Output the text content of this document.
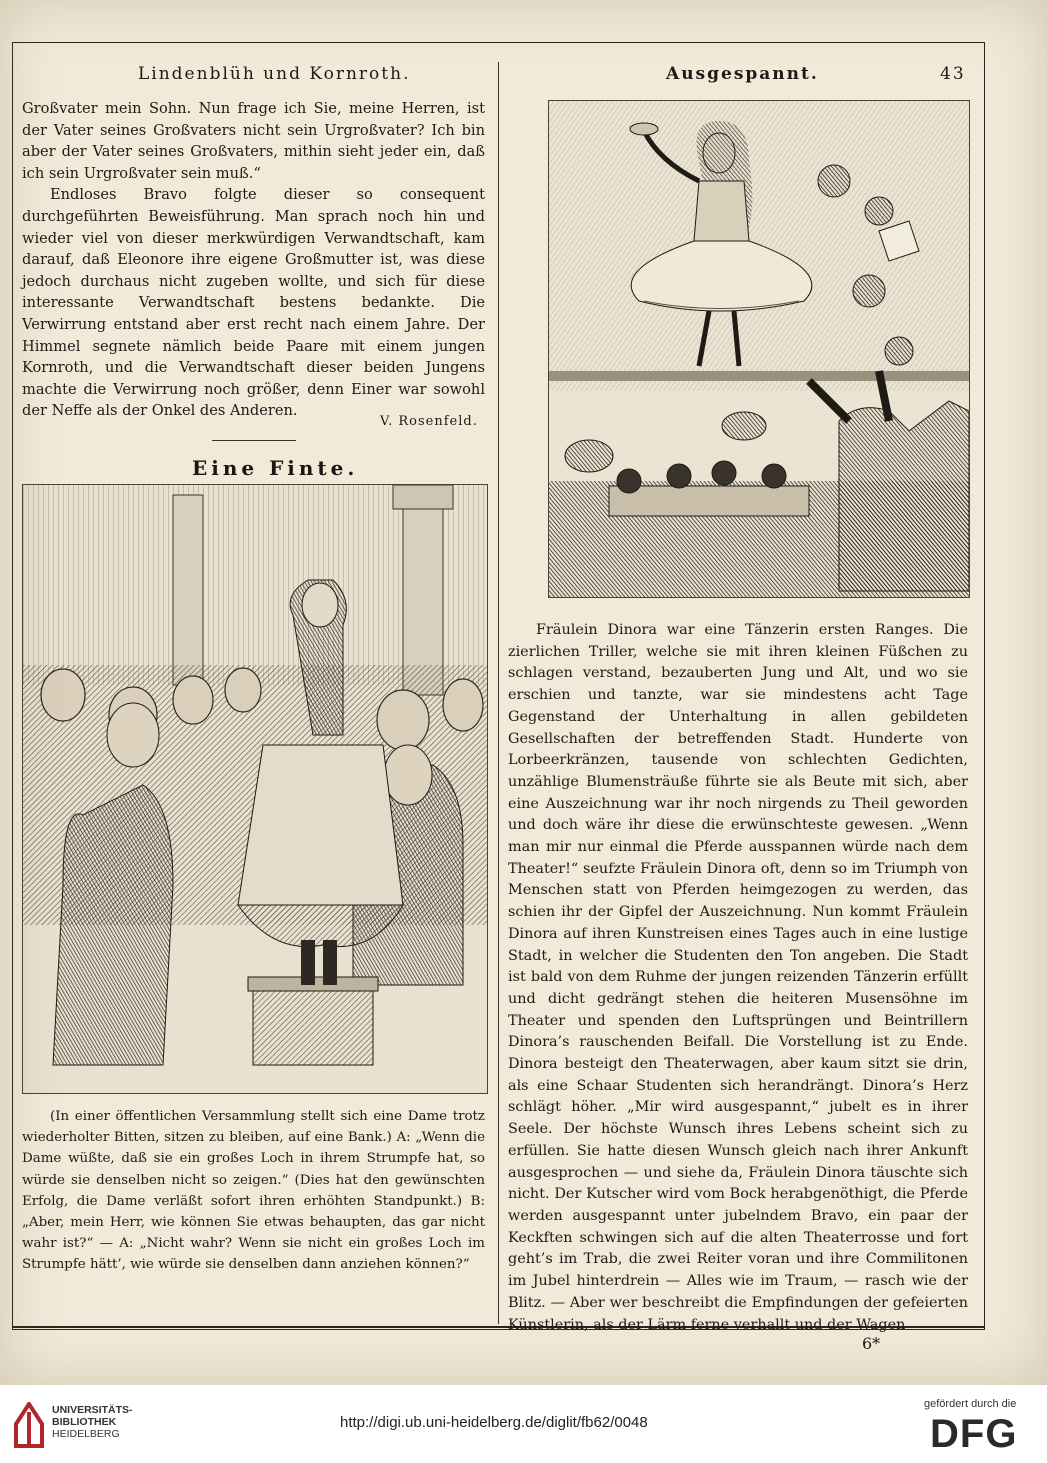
Lindenblüh und Kornroth.	Ausgespannt.	43

Großvater mein Sohn. Nun frage ich Sie, meine Herren, ist der Vater seines Großvaters nicht sein Urgroßvater? Ich bin aber der Vater seines Großvaters, mithin sieht jeder ein, daß ich sein Urgroßvater sein muß.“

Endloses Bravo folgte dieser so consequent durchgeführten Beweisführung. Man sprach noch hin und wieder viel von dieser merkwürdigen Verwandtschaft, kam darauf, daß Eleonore ihre eigene Großmutter ist, was diese jedoch durchaus nicht zugeben wollte, und sich für diese interessante Verwandtschaft bestens bedankte. Die Verwirrung entstand aber erst recht nach einem Jahre. Der Himmel segnete nämlich beide Paare mit einem jungen Kornroth, und die Verwandtschaft dieser beiden Jungens machte die Verwirrung noch größer, denn Einer war sowohl der Neffe als der Onkel des Anderen.

V. Rosenfeld.
Eine Finte.
(In einer öffentlichen Versammlung stellt sich eine Dame trotz wiederholter Bitten, sitzen zu bleiben, auf eine Bank.) A: „Wenn die Dame wüßte, daß sie ein großes Loch in ihrem Strumpfe hat, so würde sie denselben nicht so zeigen.“ (Dies hat den gewünschten Erfolg, die Dame verläßt sofort ihren erhöhten Standpunkt.) B: „Aber, mein Herr, wie können Sie etwas behaupten, das gar nicht wahr ist?“ — A: „Nicht wahr? Wenn sie nicht ein großes Loch im Strumpfe hätt’, wie würde sie denselben dann anziehen können?“
Fräulein Dinora war eine Tänzerin ersten Ranges. Die zierlichen Triller, welche sie mit ihren kleinen Füßchen zu schlagen verstand, bezauberten Jung und Alt, und wo sie erschien und tanzte, war sie mindestens acht Tage Gegenstand der Unterhaltung in allen gebildeten Gesellschaften der betreffenden Stadt. Hunderte von Lorbeerkränzen, tausende von schlechten Gedichten, unzählige Blumensträuße führte sie als Beute mit sich, aber eine Auszeichnung war ihr noch nirgends zu Theil geworden und doch wäre ihr diese die erwünschteste gewesen. „Wenn man mir nur einmal die Pferde ausspannen würde nach dem Theater!“ seufzte Fräulein Dinora oft, denn so im Triumph von Menschen statt von Pferden heimgezogen zu werden, das schien ihr der Gipfel der Auszeichnung. Nun kommt Fräulein Dinora auf ihren Kunstreisen eines Tages auch in eine lustige Stadt, in welcher die Studenten den Ton angeben. Die Stadt ist bald von dem Ruhme der jungen reizenden Tänzerin erfüllt und dicht gedrängt stehen die heiteren Musensöhne im Theater und spenden den Luftsprüngen und Beintrillern Dinora’s rauschenden Beifall. Die Vorstellung ist zu Ende. Dinora besteigt den Theaterwagen, aber kaum sitzt sie drin, als eine Schaar Studenten sich herandrängt. Dinora’s Herz schlägt höher. „Mir wird ausgespannt,“ jubelt es in ihrer Seele. Der höchste Wunsch ihres Lebens scheint sich zu erfüllen. Sie hatte diesen Wunsch gleich nach ihrer Ankunft ausgesprochen — und siehe da, Fräulein Dinora täuschte sich nicht. Der Kutscher wird vom Bock herabgenöthigt, die Pferde werden ausgespannt unter jubelndem Bravo, ein paar der Keckften schwingen sich auf die alten Theaterrosse und fort geht’s im Trab, die zwei Reiter voran und ihre Commilitonen im Jubel hinterdrein — Alles wie im Traum, — rasch wie der Blitz. — Aber wer beschreibt die Empfindungen der gefeierten Künstlerin, als der Lärm ferne verhallt und der Wagen
6*
UNIVERSITÄTS-
BIBLIOTHEK
HEIDELBERG
http://digi.ub.uni-heidelberg.de/diglit/fb62/0048
gefördert durch die
DFG
